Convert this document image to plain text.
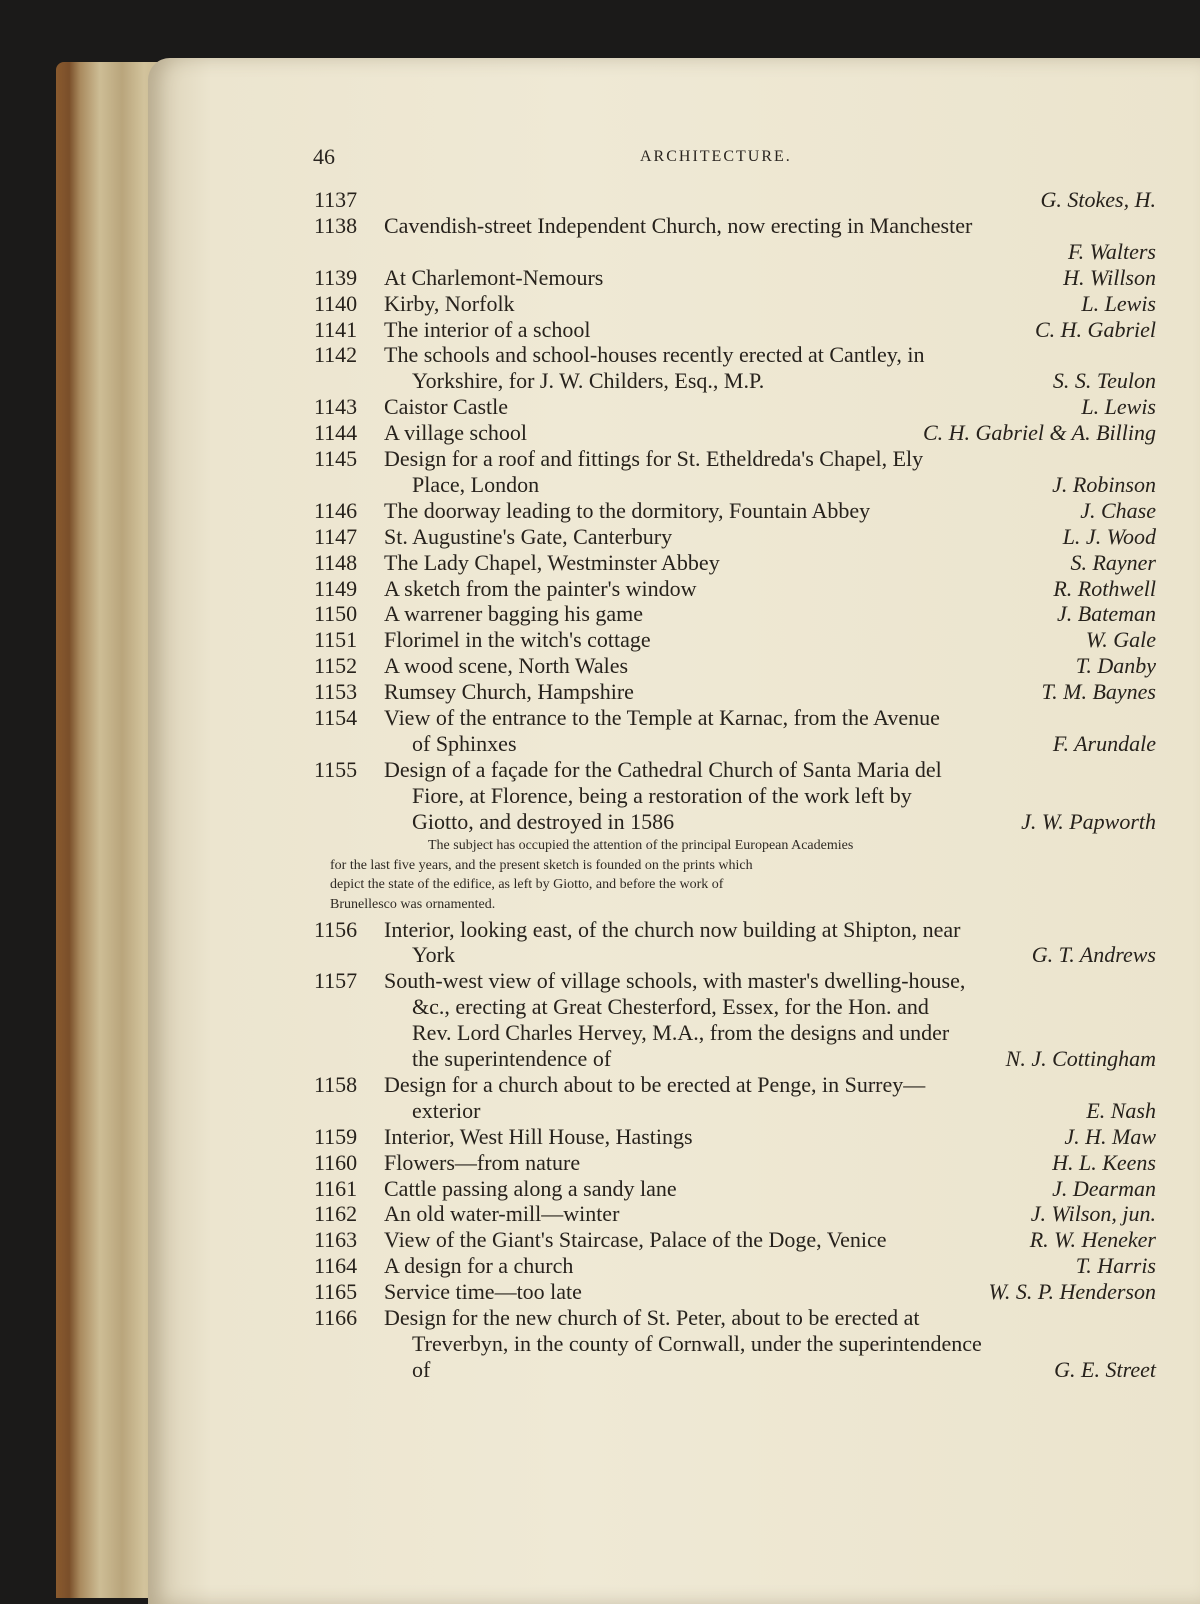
46	ARCHITECTURE.
1137	G. Stokes, H.
1138 Cavendish-street Independent Church, now erecting in Manchester
F. Walters
1139 At Charlemont-Nemours	H. Willson
1140 Kirby, Norfolk	L. Lewis
1141 The interior of a school	C. H. Gabriel
1142 The schools and school-houses recently erected at Cantley, in
Yorkshire, for J. W. Childers, Esq., M.P.	S. S. Teulon
1143 Caistor Castle	L. Lewis
1144 A village school	C. H. Gabriel & A. Billing
1145 Design for a roof and fittings for St. Etheldreda's Chapel, Ely
Place, London	J. Robinson
1146 The doorway leading to the dormitory, Fountain Abbey	J. Chase
1147 St. Augustine's Gate, Canterbury	L. J. Wood
1148 The Lady Chapel, Westminster Abbey	S. Rayner
1149 A sketch from the painter's window	R. Rothwell
1150 A warrener bagging his game	J. Bateman
1151 Florimel in the witch's cottage	W. Gale
1152 A wood scene, North Wales	T. Danby
1153 Rumsey Church, Hampshire	T. M. Baynes
1154 View of the entrance to the Temple at Karnac, from the Avenue
of Sphinxes	F. Arundale
1155 Design of a façade for the Cathedral Church of Santa Maria del
Fiore, at Florence, being a restoration of the work left by
Giotto, and destroyed in 1586	J. W. Papworth
The subject has occupied the attention of the principal European Academies
for the last five years, and the present sketch is founded on the prints which
depict the state of the edifice, as left by Giotto, and before the work of
Brunellesco was ornamented.
1156 Interior, looking east, of the church now building at Shipton, near
York	G. T. Andrews
1157 South-west view of village schools, with master's dwelling-house,
&c., erecting at Great Chesterford, Essex, for the Hon. and
Rev. Lord Charles Hervey, M.A., from the designs and under
the superintendence of	N. J. Cottingham
1158 Design for a church about to be erected at Penge, in Surrey—
exterior	E. Nash
1159 Interior, West Hill House, Hastings	J. H. Maw
1160 Flowers—from nature	H. L. Keens
1161 Cattle passing along a sandy lane	J. Dearman
1162 An old water-mill—winter	J. Wilson, jun.
1163 View of the Giant's Staircase, Palace of the Doge, Venice	R. W. Heneker
1164 A design for a church	T. Harris
1165 Service time—too late	W. S. P. Henderson
1166 Design for the new church of St. Peter, about to be erected at
Treverbyn, in the county of Cornwall, under the superintendence
of	G. E. Street
